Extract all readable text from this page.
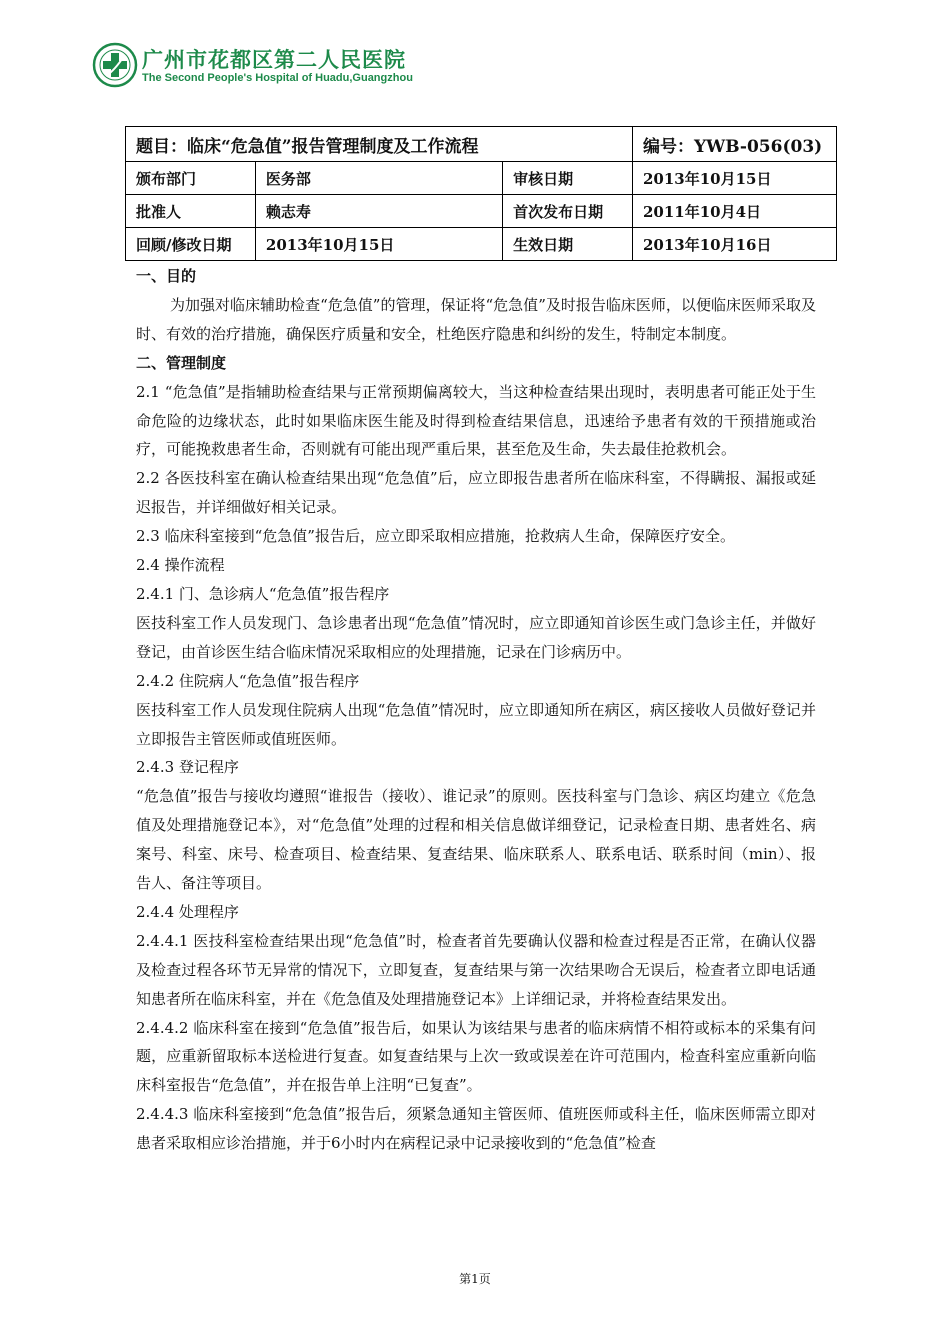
广州市花都区第二人民医院
The Second People's Hospital of Huadu,Guangzhou
题目：临床“危急值”报告管理制度及工作流程			编号：YWB-056(03)
颁布部门	医务部	审核日期	2013年10月15日
批准人	赖志寿	首次发布日期	2011年10月4日
回顾/修改日期	2013年10月15日	生效日期	2013年10月16日

一、目的

为加强对临床辅助检查“危急值”的管理，保证将“危急值”及时报告临床医师，以便临床医师采取及时、有效的治疗措施，确保医疗质量和安全，杜绝医疗隐患和纠纷的发生，特制定本制度。

二、管理制度

2.1 “危急值”是指辅助检查结果与正常预期偏离较大，当这种检查结果出现时，表明患者可能正处于生命危险的边缘状态，此时如果临床医生能及时得到检查结果信息，迅速给予患者有效的干预措施或治疗，可能挽救患者生命，否则就有可能出现严重后果，甚至危及生命，失去最佳抢救机会。

2.2 各医技科室在确认检查结果出现“危急值”后，应立即报告患者所在临床科室，不得瞒报、漏报或延迟报告，并详细做好相关记录。

2.3 临床科室接到“危急值”报告后，应立即采取相应措施，抢救病人生命，保障医疗安全。

2.4 操作流程

2.4.1 门、急诊病人“危急值”报告程序

医技科室工作人员发现门、急诊患者出现“危急值”情况时，应立即通知首诊医生或门急诊主任，并做好登记，由首诊医生结合临床情况采取相应的处理措施，记录在门诊病历中。

2.4.2 住院病人“危急值”报告程序

医技科室工作人员发现住院病人出现“危急值”情况时，应立即通知所在病区，病区接收人员做好登记并立即报告主管医师或值班医师。

2.4.3 登记程序

“危急值”报告与接收均遵照“谁报告（接收）、谁记录”的原则。医技科室与门急诊、病区均建立《危急值及处理措施登记本》，对“危急值”处理的过程和相关信息做详细登记，记录检查日期、患者姓名、病案号、科室、床号、检查项目、检查结果、复查结果、临床联系人、联系电话、联系时间（min）、报告人、备注等项目。

2.4.4 处理程序

2.4.4.1 医技科室检查结果出现“危急值”时，检查者首先要确认仪器和检查过程是否正常，在确认仪器及检查过程各环节无异常的情况下，立即复查，复查结果与第一次结果吻合无误后，检查者立即电话通知患者所在临床科室，并在《危急值及处理措施登记本》上详细记录，并将检查结果发出。

2.4.4.2 临床科室在接到“危急值”报告后，如果认为该结果与患者的临床病情不相符或标本的采集有问题，应重新留取标本送检进行复查。如复查结果与上次一致或误差在许可范围内，检查科室应重新向临床科室报告“危急值”，并在报告单上注明“已复查”。

2.4.4.3 临床科室接到“危急值”报告后，须紧急通知主管医师、值班医师或科主任，临床医师需立即对患者采取相应诊治措施，并于6小时内在病程记录中记录接收到的“危急值”检查

第1页
